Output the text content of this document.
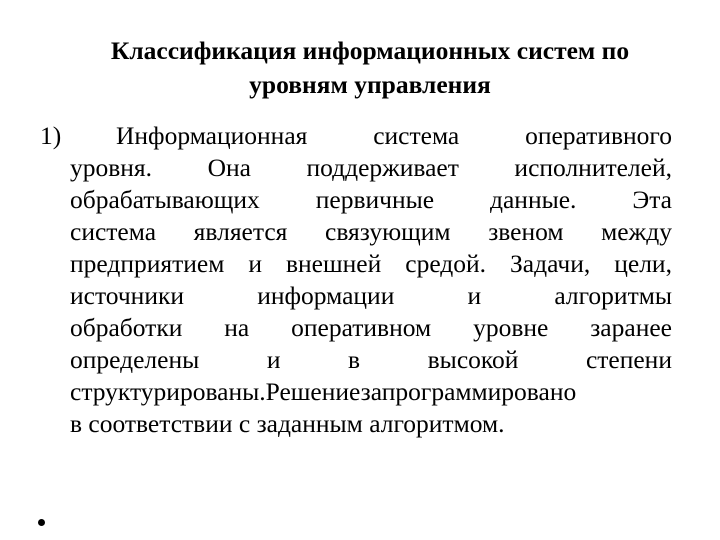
Классификация информационных систем по
уровням управления
1) Информационная	система	оперативного
уровня. Она поддерживает исполнителей,
обрабатывающих первичные данные. Эта
система является связующим звеном между
предприятием и внешней средой. Задачи, цели,
источники	информации	и	алгоритмы
обработки на оперативном уровне заранее
определены	и	в	высокой	степени
структурированы.Решениезапрограммировано
в соответствии с заданным алгоритмом.
